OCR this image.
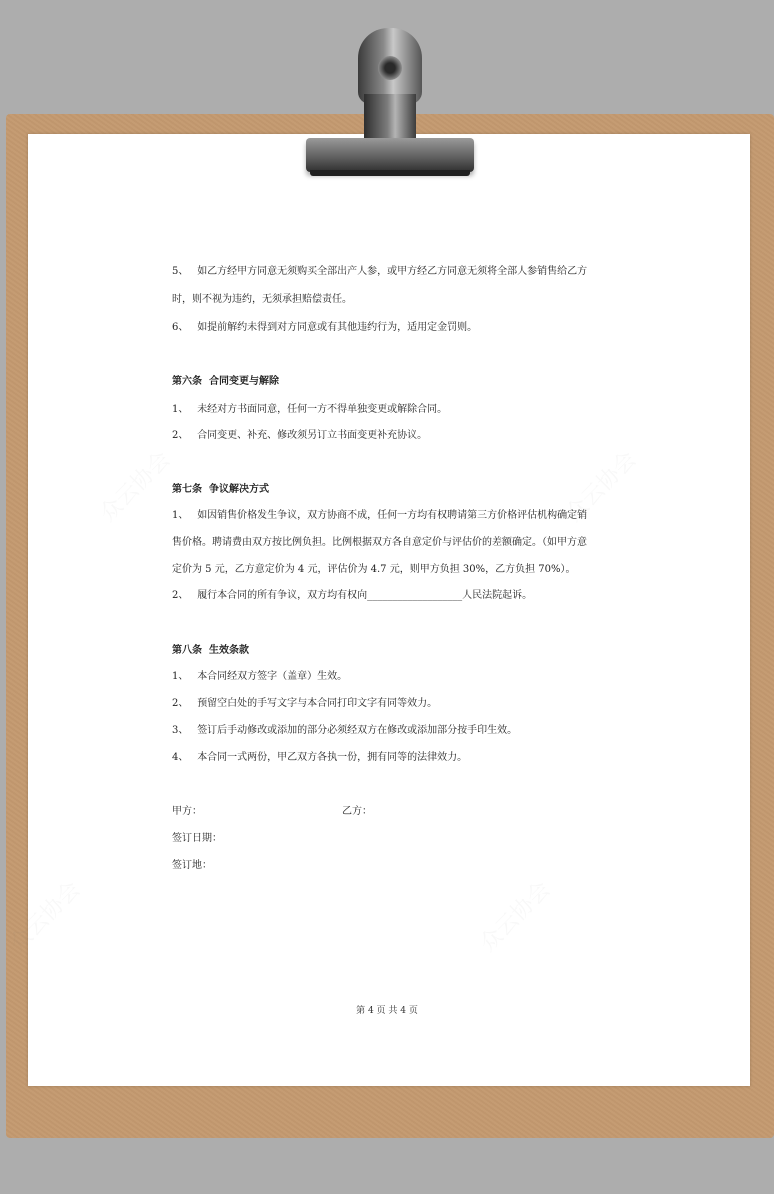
众云协会	众云协会
众云协会	众云协会
5、 如乙方经甲方同意无须购买全部出产人参，或甲方经乙方同意无须将全部人参销售给乙方
时，则不视为违约，无须承担赔偿责任。
6、 如提前解约未得到对方同意或有其他违约行为，适用定金罚则。
第六条  合同变更与解除
1、 未经对方书面同意，任何一方不得单独变更或解除合同。
2、 合同变更、补充、修改须另订立书面变更补充协议。
第七条  争议解决方式
1、 如因销售价格发生争议，双方协商不成，任何一方均有权聘请第三方价格评估机构确定销
售价格。聘请费由双方按比例负担。比例根据双方各自意定价与评估价的差额确定。（如甲方意
定价为 5 元，乙方意定价为 4 元，评估价为 4.7 元，则甲方负担 30%，乙方负担 70%）。
2、 履行本合同的所有争议，双方均有权向___________________人民法院起诉。
第八条  生效条款
1、 本合同经双方签字（盖章）生效。
2、 预留空白处的手写文字与本合同打印文字有同等效力。
3、 签订后手动修改或添加的部分必须经双方在修改或添加部分按手印生效。
4、 本合同一式两份，甲乙双方各执一份，拥有同等的法律效力。
甲方：	乙方：
签订日期：
签订地：
第 4 页 共 4 页
